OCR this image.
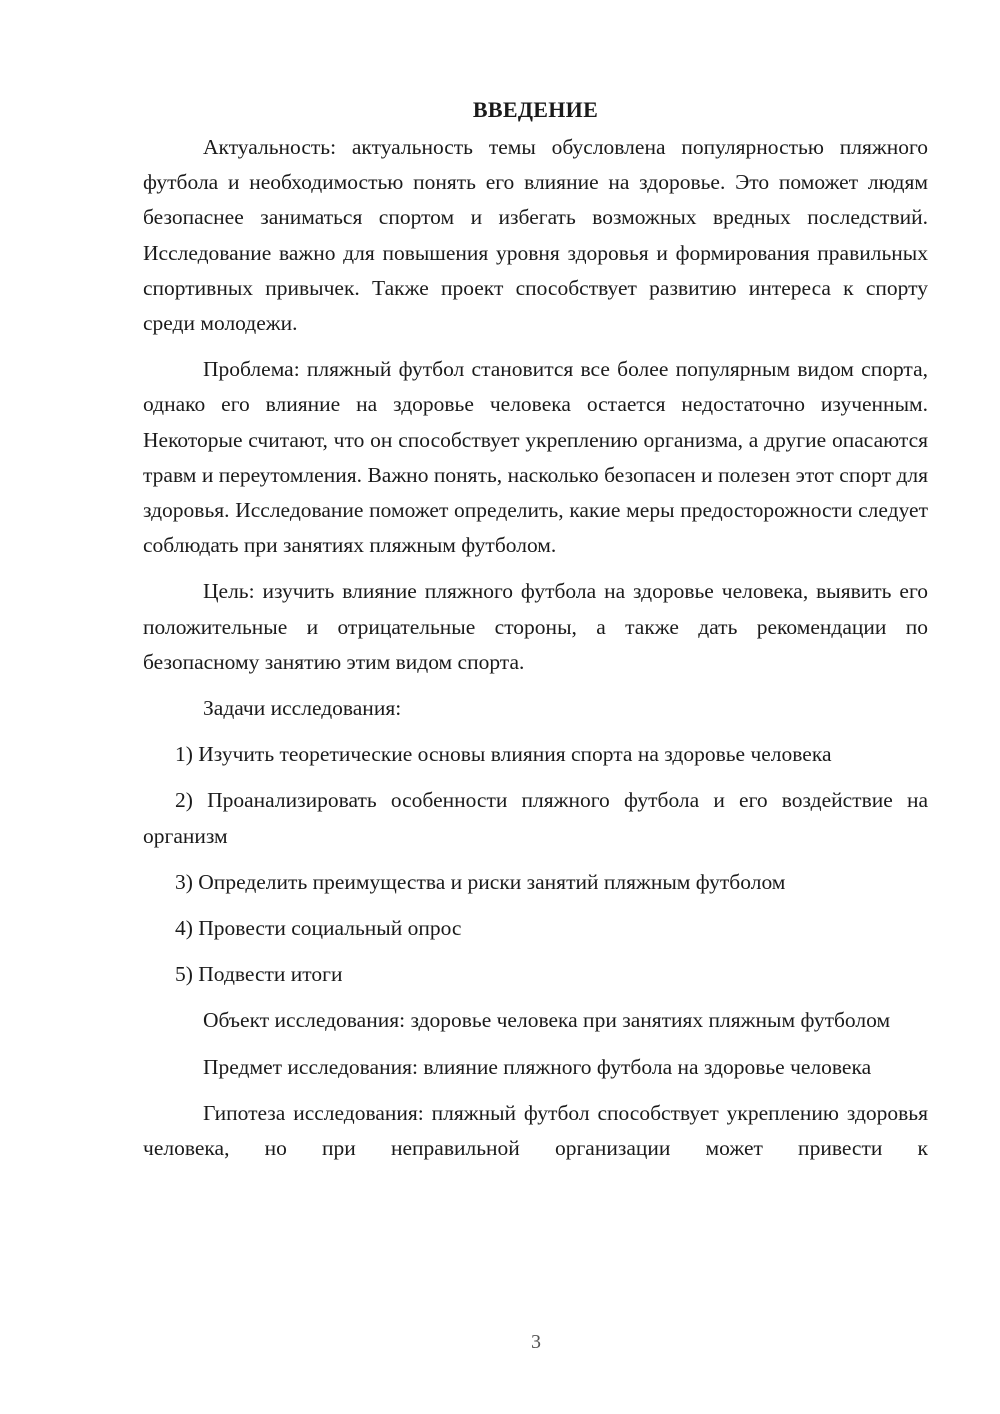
ВВЕДЕНИЕ

Актуальность: актуальность темы обусловлена популярностью пляжного футбола и необходимостью понять его влияние на здоровье. Это поможет людям безопаснее заниматься спортом и избегать возможных вредных последствий. Исследование важно для повышения уровня здоровья и формирования правильных спортивных привычек. Также проект способствует развитию интереса к спорту среди молодежи.

Проблема: пляжный футбол становится все более популярным видом спорта, однако его влияние на здоровье человека остается недостаточно изученным. Некоторые считают, что он способствует укреплению организма, а другие опасаются травм и переутомления. Важно понять, насколько безопасен и полезен этот спорт для здоровья. Исследование поможет определить, какие меры предосторожности следует соблюдать при занятиях пляжным футболом.

Цель: изучить влияние пляжного футбола на здоровье человека, выявить его положительные и отрицательные стороны, а также дать рекомендации по безопасному занятию этим видом спорта.

Задачи исследования:

1) Изучить теоретические основы влияния спорта на здоровье человека

2) Проанализировать особенности пляжного футбола и его воздействие на организм

3) Определить преимущества и риски занятий пляжным футболом

4) Провести социальный опрос

5) Подвести итоги

Объект исследования: здоровье человека при занятиях пляжным футболом

Предмет исследования: влияние пляжного футбола на здоровье человека

Гипотеза исследования: пляжный футбол способствует укреплению здоровья человека, но при неправильной организации может привести к

3
